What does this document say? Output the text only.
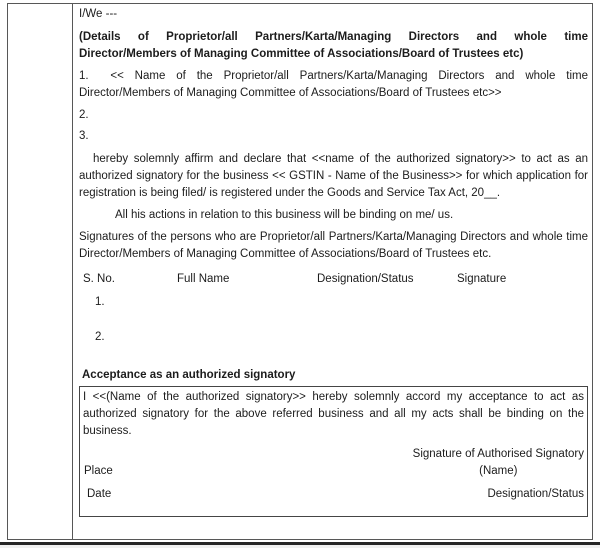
I/We ---

(Details of Proprietor/all Partners/Karta/Managing Directors and whole time Director/Members of Managing Committee of Associations/Board of Trustees etc)

1.  << Name of the Proprietor/all Partners/Karta/Managing Directors and whole time Director/Members of Managing Committee of Associations/Board of Trustees etc>>

2.

3.

hereby solemnly affirm and declare that <<name of the authorized signatory>> to act as an authorized signatory for the business << GSTIN - Name of the Business>> for which application for registration is being filed/ is registered under the Goods and Service Tax Act, 20__.

All his actions in relation to this business will be binding on me/ us.

Signatures of the persons who are Proprietor/all Partners/Karta/Managing Directors and whole time Director/Members of Managing Committee of Associations/Board of Trustees etc.

S. No.	Full Name	Designation/Status	Signature

1.

2.

Acceptance as an authorized signatory

I <<(Name of the authorized signatory>> hereby solemnly accord my acceptance to act as authorized signatory for the above referred business and all my acts shall be binding on the business.

Signature of Authorised Signatory
Place	(Name)
Date	Designation/Status
